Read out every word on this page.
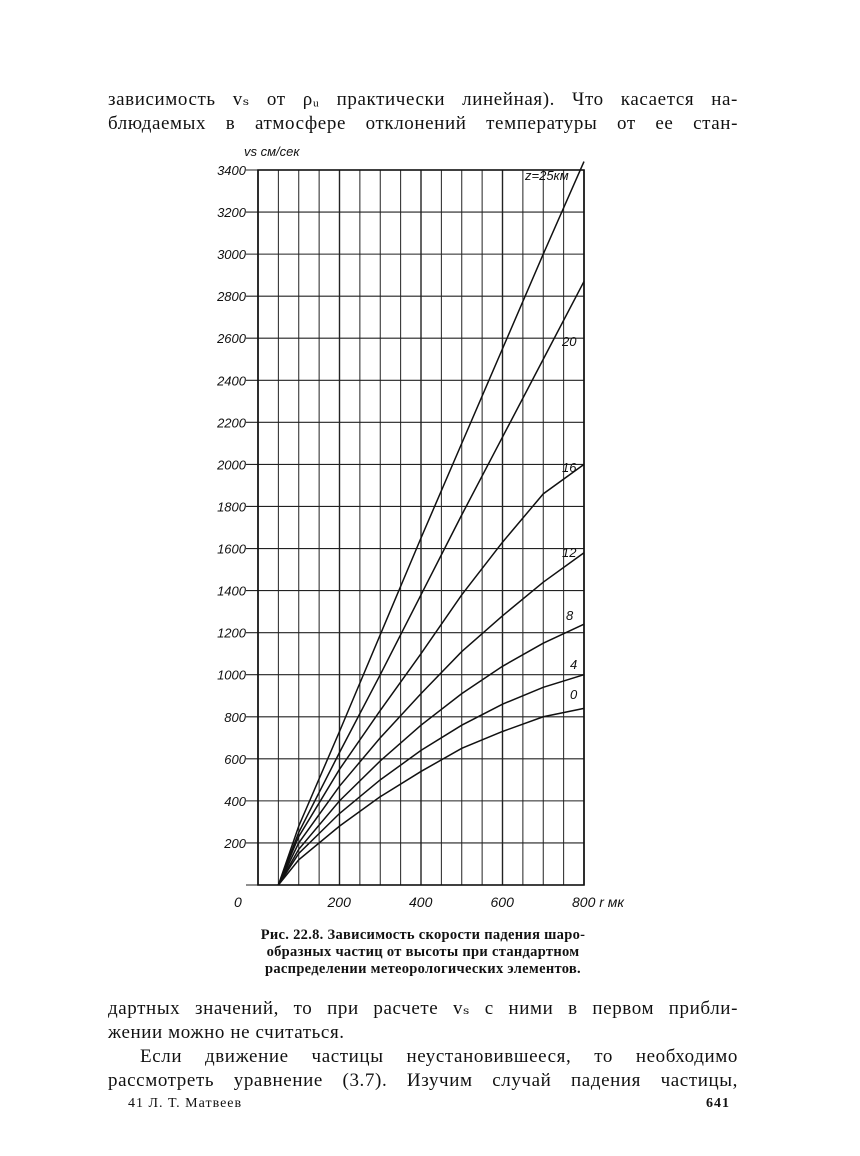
зависимость vₛ от ρᵤ практически линейная). Что касается на-
блюдаемых в атмосфере отклонений температуры от ее стан-
z=25км
20
16
12
8
4
0
200
400
600
800
1000
1200
1400
1600
1800
2000
2200
2400
2600
2800
3000
3200
3400
0	200	400	600	800 r мк
vs см/сек
Рис. 22.8. Зависимость скорости падения шаро-
образных частиц от высоты при стандартном
распределении метеорологических элементов.
дартных значений, то при расчете vₛ с ними в первом прибли-
жении можно не считаться.
Если движение частицы неустановившееся, то необходимо
рассмотреть уравнение (3.7). Изучим случай падения частицы,
41 Л. Т. Матвеев	641
